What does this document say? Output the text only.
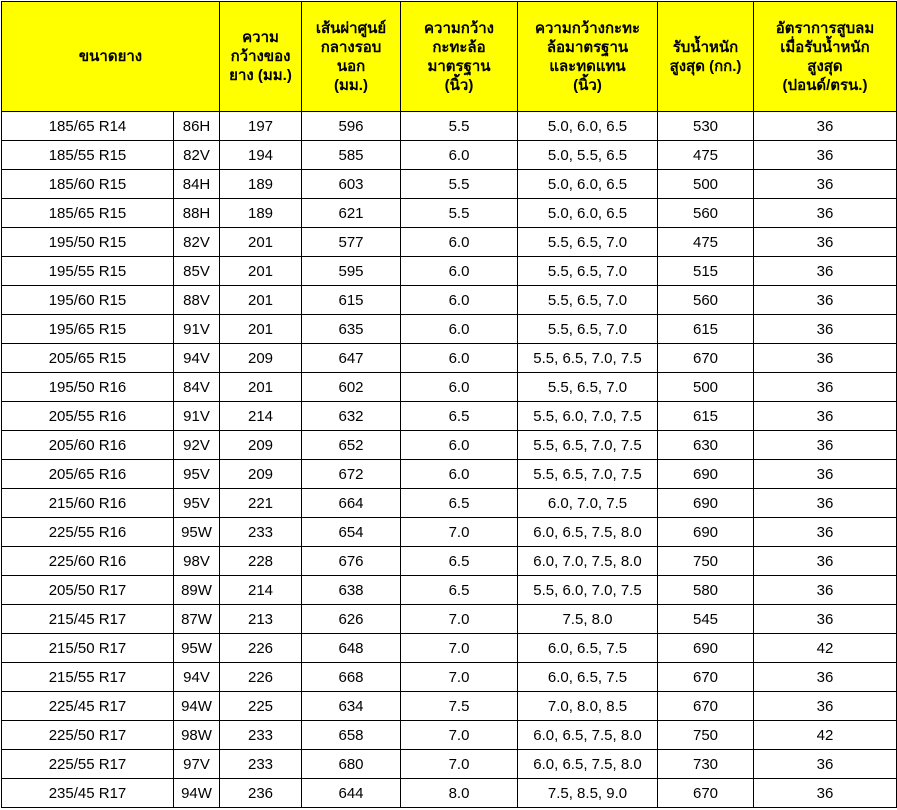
ขนาดยาง		ความ
กว้างของ
ยาง (มม.)	เส้นผ่าศูนย์
กลางรอบ
นอก
(มม.)	ความกว้าง
กะทะล้อ
มาตรฐาน
(นิ้ว)	ความกว้างกะทะ
ล้อมาตรฐาน
และทดแทน
(นิ้ว)	รับน้ำหนัก
สูงสุด (กก.)	อัตราการสูบลม
เมื่อรับน้ำหนัก
สูงสุด
(ปอนด์/ตรน.)
185/65 R14	86H	197	596	5.5	5.0, 6.0, 6.5	530	36
185/55 R15	82V	194	585	6.0	5.0, 5.5, 6.5	475	36
185/60 R15	84H	189	603	5.5	5.0, 6.0, 6.5	500	36
185/65 R15	88H	189	621	5.5	5.0, 6.0, 6.5	560	36
195/50 R15	82V	201	577	6.0	5.5, 6.5, 7.0	475	36
195/55 R15	85V	201	595	6.0	5.5, 6.5, 7.0	515	36
195/60 R15	88V	201	615	6.0	5.5, 6.5, 7.0	560	36
195/65 R15	91V	201	635	6.0	5.5, 6.5, 7.0	615	36
205/65 R15	94V	209	647	6.0	5.5, 6.5, 7.0, 7.5	670	36
195/50 R16	84V	201	602	6.0	5.5, 6.5, 7.0	500	36
205/55 R16	91V	214	632	6.5	5.5, 6.0, 7.0, 7.5	615	36
205/60 R16	92V	209	652	6.0	5.5, 6.5, 7.0, 7.5	630	36
205/65 R16	95V	209	672	6.0	5.5, 6.5, 7.0, 7.5	690	36
215/60 R16	95V	221	664	6.5	6.0, 7.0, 7.5	690	36
225/55 R16	95W	233	654	7.0	6.0, 6.5, 7.5, 8.0	690	36
225/60 R16	98V	228	676	6.5	6.0, 7.0, 7.5, 8.0	750	36
205/50 R17	89W	214	638	6.5	5.5, 6.0, 7.0, 7.5	580	36
215/45 R17	87W	213	626	7.0	7.5, 8.0	545	36
215/50 R17	95W	226	648	7.0	6.0, 6.5, 7.5	690	42
215/55 R17	94V	226	668	7.0	6.0, 6.5, 7.5	670	36
225/45 R17	94W	225	634	7.5	7.0, 8.0, 8.5	670	36
225/50 R17	98W	233	658	7.0	6.0, 6.5, 7.5, 8.0	750	42
225/55 R17	97V	233	680	7.0	6.0, 6.5, 7.5, 8.0	730	36
235/45 R17	94W	236	644	8.0	7.5, 8.5, 9.0	670	36
